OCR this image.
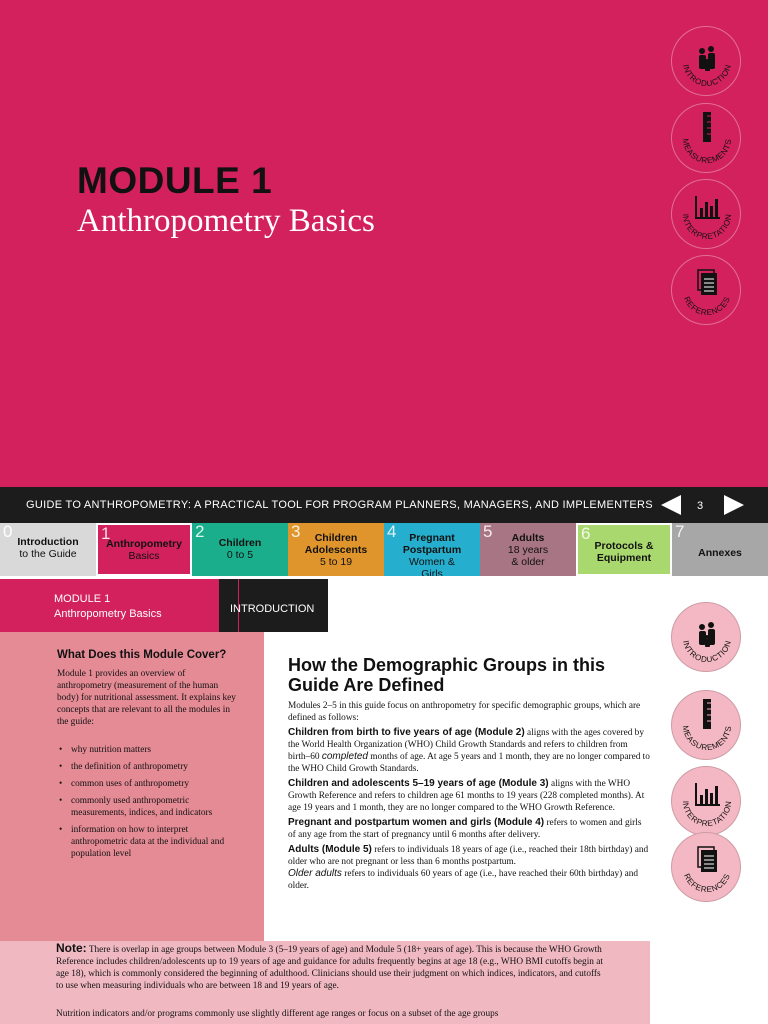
MODULE 1
Anthropometry Basics
INTRODUCTION
MEASUREMENTS
INTERPRETATION
REFERENCES
GUIDE TO ANTHROPOMETRY: A PRACTICAL TOOL FOR PROGRAM PLANNERS, MANAGERS, AND IMPLEMENTERS	3
0
Introduction
to the Guide
1
Anthropometry
Basics
2
Children
0 to 5
3	Children Adolescents
5 to 19
4	Pregnant Postpartum
Women & Girls
5	Adults
18 years & older
6
Protocols & Equipment
7
Annexes
MODULE 1
Anthropometry Basics	INTRODUCTION
What Does this Module Cover?
Module 1 provides an overview of anthropometry (measurement of the human body) for nutritional assessment. It explains key concepts that are relevant to all the modules in the guide:
• why nutrition matters
• the definition of anthropometry
• common uses of anthropometry
• commonly used anthropometric measurements, indices, and indicators
• information on how to interpret anthropometric data at the individual and population level
INTRODUCTION
MEASUREMENTS
INTERPRETATION
REFERENCES
How the Demographic Groups in this Guide Are Defined

Modules 2–5 in this guide focus on anthropometry for specific demographic groups, which are defined as follows:

Children from birth to five years of age (Module 2) aligns with the ages covered by the World Health Organization (WHO) Child Growth Standards and refers to children from birth–60 completed months of age. At age 5 years and 1 month, they are no longer compared to the WHO Child Growth Standards.

Children and adolescents 5–19 years of age (Module 3) aligns with the WHO Growth Reference and refers to children age 61 months to 19 years (228 completed months). At age 19 years and 1 month, they are no longer compared to the WHO Growth Reference.

Pregnant and postpartum women and girls (Module 4) refers to women and girls of any age from the start of pregnancy until 6 months after delivery.

Adults (Module 5) refers to individuals 18 years of age (i.e., reached their 18th birthday) and older who are not pregnant or less than 6 months postpartum.

Older adults refers to individuals 60 years of age (i.e., have reached their 60th birthday) and older.

Note: There is overlap in age groups between Module 3 (5–19 years of age) and Module 5 (18+ years of age). This is because the WHO Growth Reference includes children/adolescents up to 19 years of age and guidance for adults frequently begins at age 18 (e.g., WHO BMI cutoffs begin at age 18), which is commonly considered the beginning of adulthood. Clinicians should use their judgment on which indices, indicators, and cutoffs to use when measuring individuals who are between 18 and 19 years of age.
Nutrition indicators and/or programs commonly use slightly different age ranges or focus on a subset of the age groups
